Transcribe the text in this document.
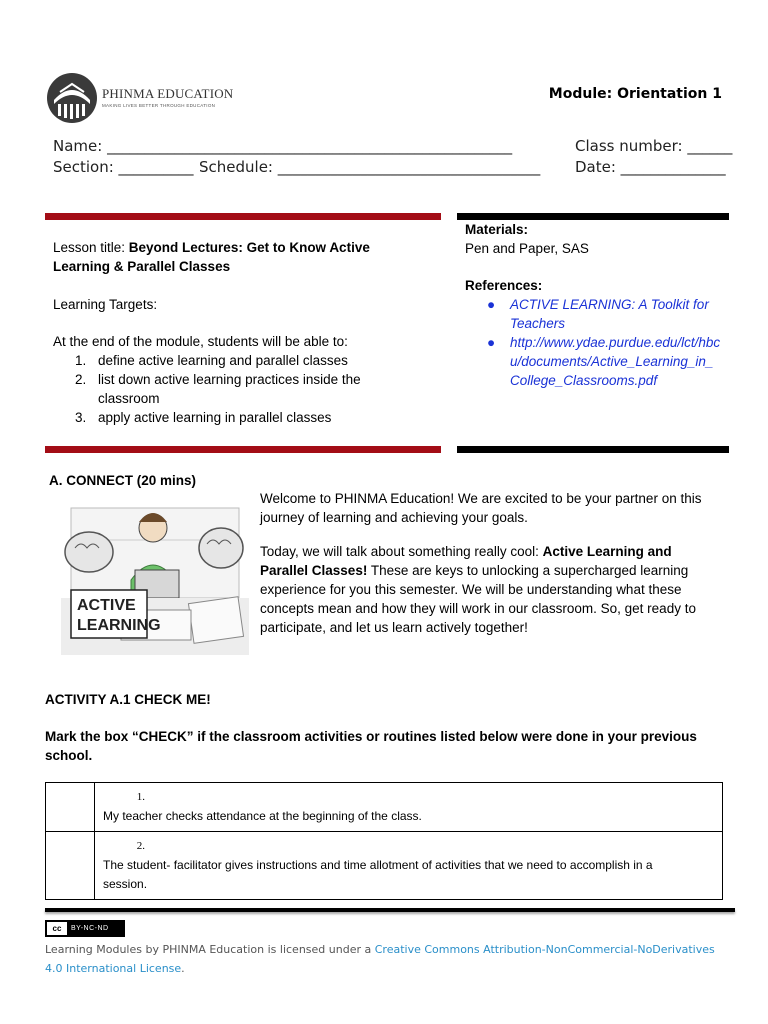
PHINMA EDUCATION
MAKING LIVES BETTER THROUGH EDUCATION
Module: Orientation 1
Name: ______________________________________________________	Class number: ______
Section: __________ Schedule: ___________________________________ Date: ______________
Lesson title: Beyond Lectures: Get to Know Active
Learning & Parallel Classes
Learning Targets:
At the end of the module, students will be able to:
1. define active learning and parallel classes
2. list down active learning practices inside the classroom
3. apply active learning in parallel classes
Materials:
Pen and Paper, SAS
References:
● ACTIVE LEARNING: A Toolkit for Teachers
● http://www.ydae.purdue.edu/lct/hbcu/documents/Active_Learning_in_College_Classrooms.pdf
A. CONNECT (20 mins)
ACTIVE
LEARNING
Welcome to PHINMA Education! We are excited to be your partner on this journey of learning and achieving your goals.
Today, we will talk about something really cool: Active Learning and Parallel Classes! These are keys to unlocking a supercharged learning experience for you this semester. We will be understanding what these concepts mean and how they will work in our classroom. So, get ready to participate, and let us learn actively together!
ACTIVITY A.1 CHECK ME!
Mark the box “CHECK” if the classroom activities or routines listed below were done in your previous school.
	1.My teacher checks attendance at the beginning of the class.
	2.The student- facilitator gives instructions and time allotment of activities that we need to accomplish in a session.
cc	BY-NC-ND
Learning Modules by PHINMA Education is licensed under a Creative Commons Attribution-NonCommercial-NoDerivatives 4.0 International License.
